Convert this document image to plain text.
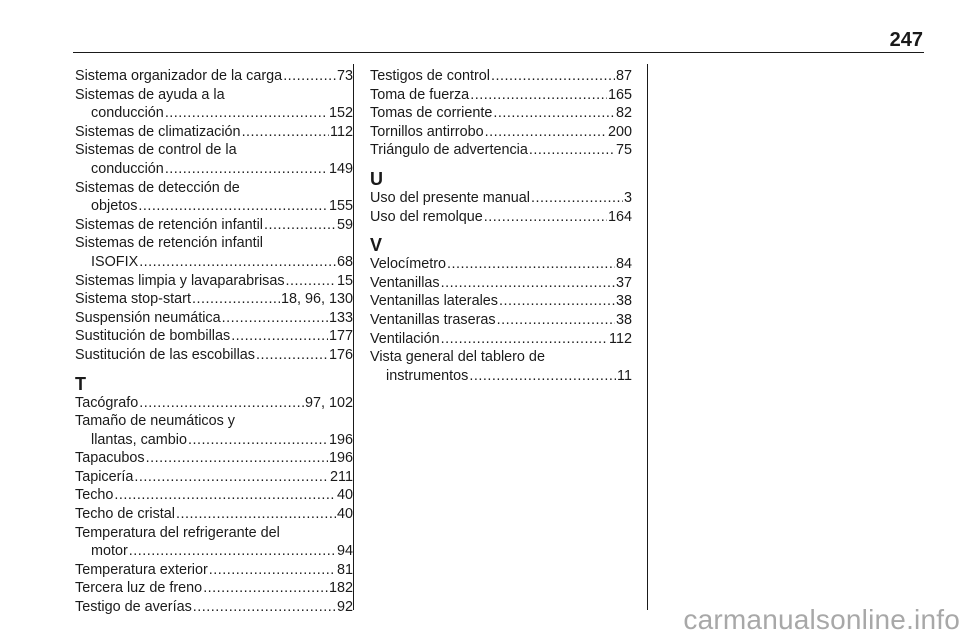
247
Sistema organizador de la carga .....	73
Sistemas de ayuda a la
conducción .....	152
Sistemas de climatización .....	112
Sistemas de control de la
conducción .....	149
Sistemas de detección de
objetos .....	155
Sistemas de retención infantil .....	59
Sistemas de retención infantil
ISOFIX .....	68
Sistemas limpia y lavaparabrisas .....	15
Sistema stop-start .....	18, 96, 130
Suspensión neumática .....	133
Sustitución de bombillas .....	177
Sustitución de las escobillas .....	176
T
Tacógrafo .....	97, 102
Tamaño de neumáticos y
llantas, cambio .....	196
Tapacubos .....	196
Tapicería .....	211
Techo .....	40
Techo de cristal .....	40
Temperatura del refrigerante del
motor .....	94
Temperatura exterior .....	81
Tercera luz de freno .....	182
Testigo de averías .....	92
Testigos de control .....	87
Toma de fuerza .....	165
Tomas de corriente .....	82
Tornillos antirrobo .....	200
Triángulo de advertencia .....	75
U
Uso del presente manual .....	3
Uso del remolque .....	164
V
Velocímetro .....	84
Ventanillas .....	37
Ventanillas laterales .....	38
Ventanillas traseras .....	38
Ventilación .....	112
Vista general del tablero de
instrumentos .....	11
carmanualsonline.info
